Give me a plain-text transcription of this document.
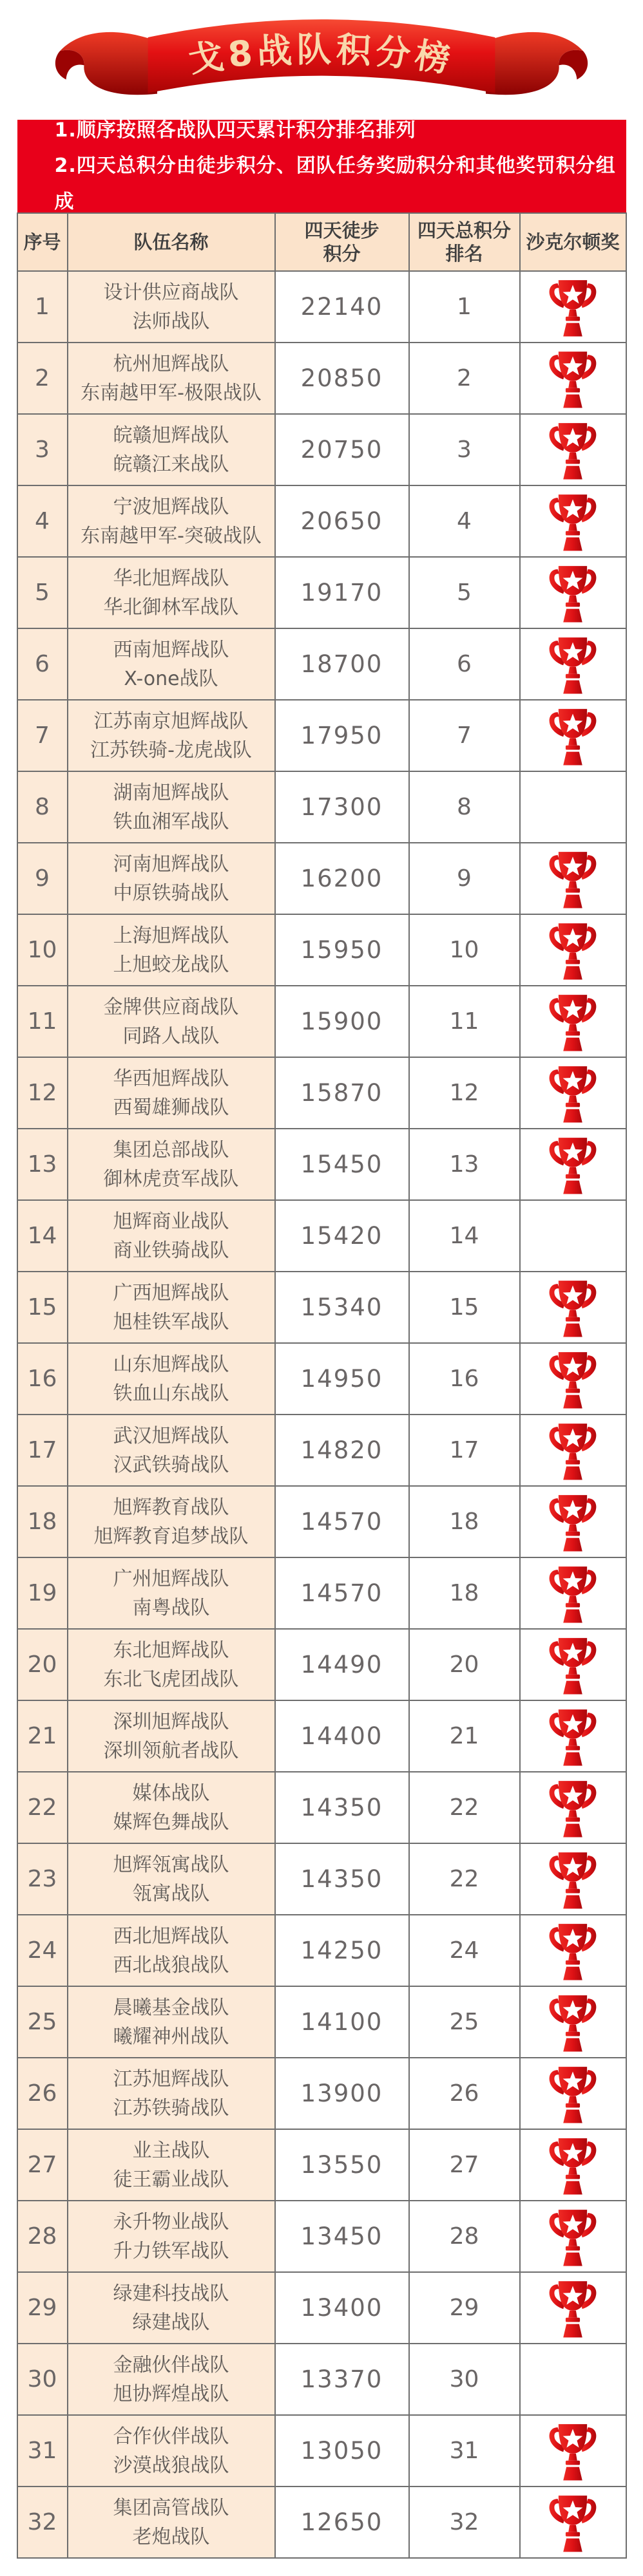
戈8战队积分榜
1.顺序按照各战队四天累计积分排名排列
2.四天总积分由徒步积分、团队任务奖励积分和其他奖罚积分组成
序号	队伍名称	四天徒步积分	四天总积分排名	沙克尔顿奖
1	设计供应商战队
法师战队	22140	1	

2	杭州旭辉战队
东南越甲军-极限战队	20850	2	

3	皖赣旭辉战队
皖赣江来战队	20750	3	

4	宁波旭辉战队
东南越甲军-突破战队	20650	4	

5	华北旭辉战队
华北御林军战队	19170	5	

6	西南旭辉战队
X-one战队	18700	6	

7	江苏南京旭辉战队
江苏铁骑-龙虎战队	17950	7	

8	湖南旭辉战队
铁血湘军战队	17300	8	
9	河南旭辉战队
中原铁骑战队	16200	9	

10	上海旭辉战队
上旭蛟龙战队	15950	10	

11	金牌供应商战队
同路人战队	15900	11	

12	华西旭辉战队
西蜀雄狮战队	15870	12	

13	集团总部战队
御林虎贲军战队	15450	13	

14	旭辉商业战队
商业铁骑战队	15420	14	
15	广西旭辉战队
旭桂铁军战队	15340	15	

16	山东旭辉战队
铁血山东战队	14950	16	

17	武汉旭辉战队
汉武铁骑战队	14820	17	

18	旭辉教育战队
旭辉教育追梦战队	14570	18	

19	广州旭辉战队
南粤战队	14570	18	

20	东北旭辉战队
东北飞虎团战队	14490	20	

21	深圳旭辉战队
深圳领航者战队	14400	21	

22	媒体战队
媒辉色舞战队	14350	22	

23	旭辉瓴寓战队
瓴寓战队	14350	22	

24	西北旭辉战队
西北战狼战队	14250	24	

25	晨曦基金战队
曦耀神州战队	14100	25	

26	江苏旭辉战队
江苏铁骑战队	13900	26	

27	业主战队
徒王霸业战队	13550	27	

28	永升物业战队
升力铁军战队	13450	28	

29	绿建科技战队
绿建战队	13400	29	

30	金融伙伴战队
旭协辉煌战队	13370	30	
31	合作伙伴战队
沙漠战狼战队	13050	31	

32	集团高管战队
老炮战队	12650	32	
